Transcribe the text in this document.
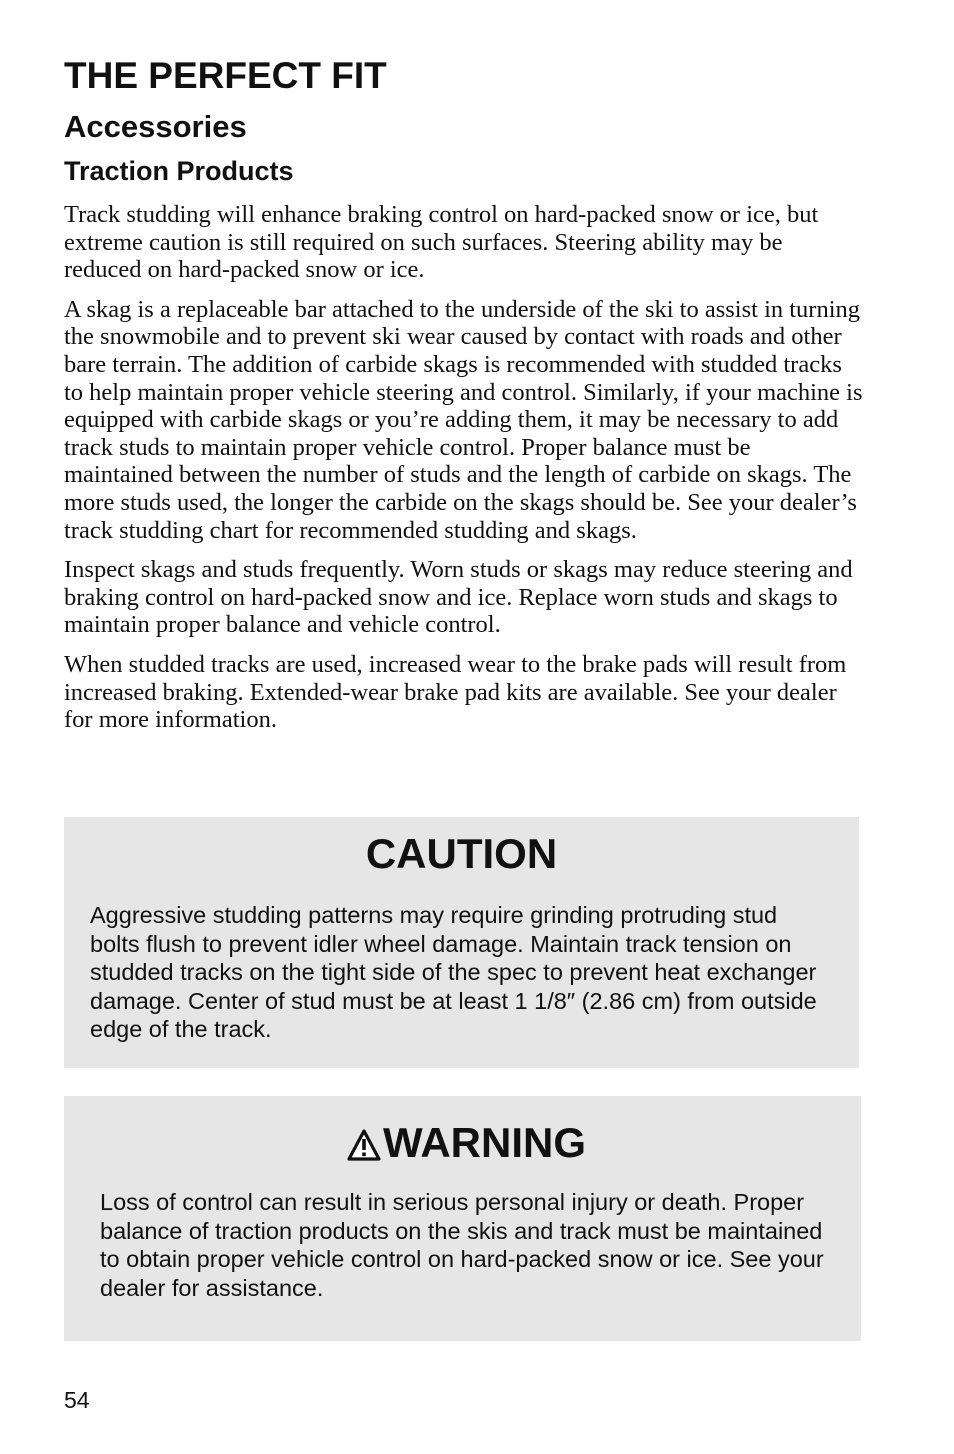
THE PERFECT FIT
Accessories
Traction Products

Track studding will enhance braking control on hard-packed snow or ice, but extreme caution is still required on such surfaces. Steering ability may be reduced on hard-packed snow or ice.

A skag is a replaceable bar attached to the underside of the ski to assist in turning the snowmobile and to prevent ski wear caused by contact with roads and other bare terrain. The addition of carbide skags is recommended with studded tracks to help maintain proper vehicle steering and control. Similarly, if your machine is equipped with carbide skags or you’re adding them, it may be necessary to add track studs to maintain proper vehicle control. Proper balance must be maintained between the number of studs and the length of carbide on skags. The more studs used, the longer the carbide on the skags should be. See your dealer’s track studding chart for recommended studding and skags.

Inspect skags and studs frequently. Worn studs or skags may reduce steering and braking control on hard-packed snow and ice. Replace worn studs and skags to maintain proper balance and vehicle control.

When studded tracks are used, increased wear to the brake pads will result from increased braking. Extended-wear brake pad kits are available. See your dealer for more information.

CAUTION
Aggressive studding patterns may require grinding protruding stud bolts flush to prevent idler wheel damage. Maintain track tension on studded tracks on the tight side of the spec to prevent heat exchanger damage. Center of stud must be at least 1 1/8″ (2.86 cm) from outside edge of the track.
WARNING
Loss of control can result in serious personal injury or death. Proper balance of traction products on the skis and track must be maintained to obtain proper vehicle control on hard-packed snow or ice. See your dealer for assistance.
54
